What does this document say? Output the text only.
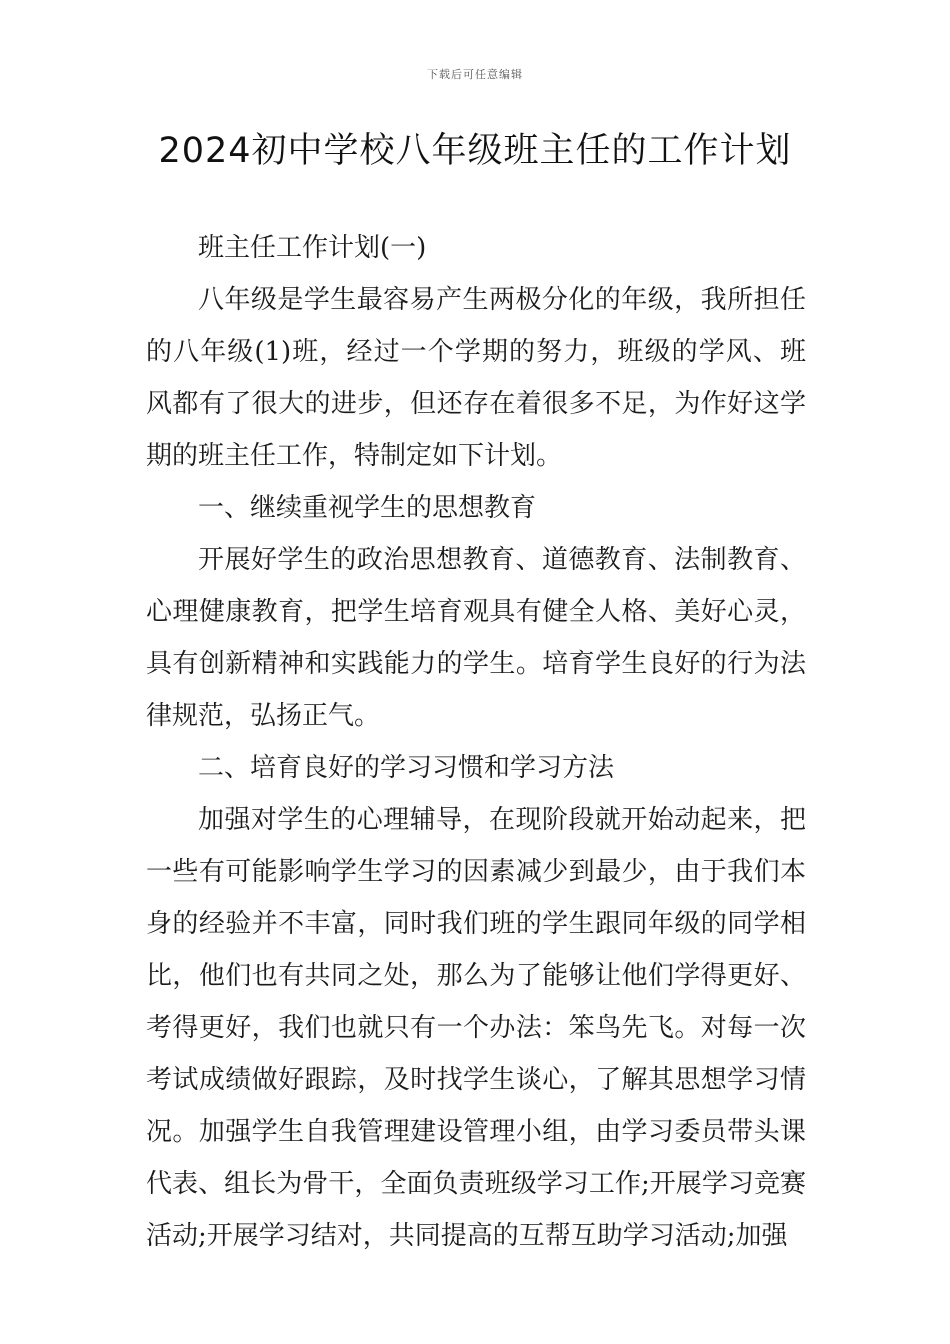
下载后可任意编辑
2024初中学校八年级班主任的工作计划

班主任工作计划(一)

八年级是学生最容易产生两极分化的年级，我所担任的八年级(1)班，经过一个学期的努力，班级的学风、班风都有了很大的进步，但还存在着很多不足，为作好这学期的班主任工作，特制定如下计划。

一、继续重视学生的思想教育

开展好学生的政治思想教育、道德教育、法制教育、心理健康教育，把学生培育观具有健全人格、美好心灵，具有创新精神和实践能力的学生。培育学生良好的行为法律规范，弘扬正气。

二、培育良好的学习习惯和学习方法

加强对学生的心理辅导，在现阶段就开始动起来，把一些有可能影响学生学习的因素减少到最少，由于我们本身的经验并不丰富，同时我们班的学生跟同年级的同学相比，他们也有共同之处，那么为了能够让他们学得更好、考得更好，我们也就只有一个办法：笨鸟先飞。对每一次考试成绩做好跟踪，及时找学生谈心，了解其思想学习情况。加强学生自我管理建设管理小组，由学习委员带头课代表、组长为骨干，全面负责班级学习工作;开展学习竞赛活动;开展学习结对，共同提高的互帮互助学习活动;加强
